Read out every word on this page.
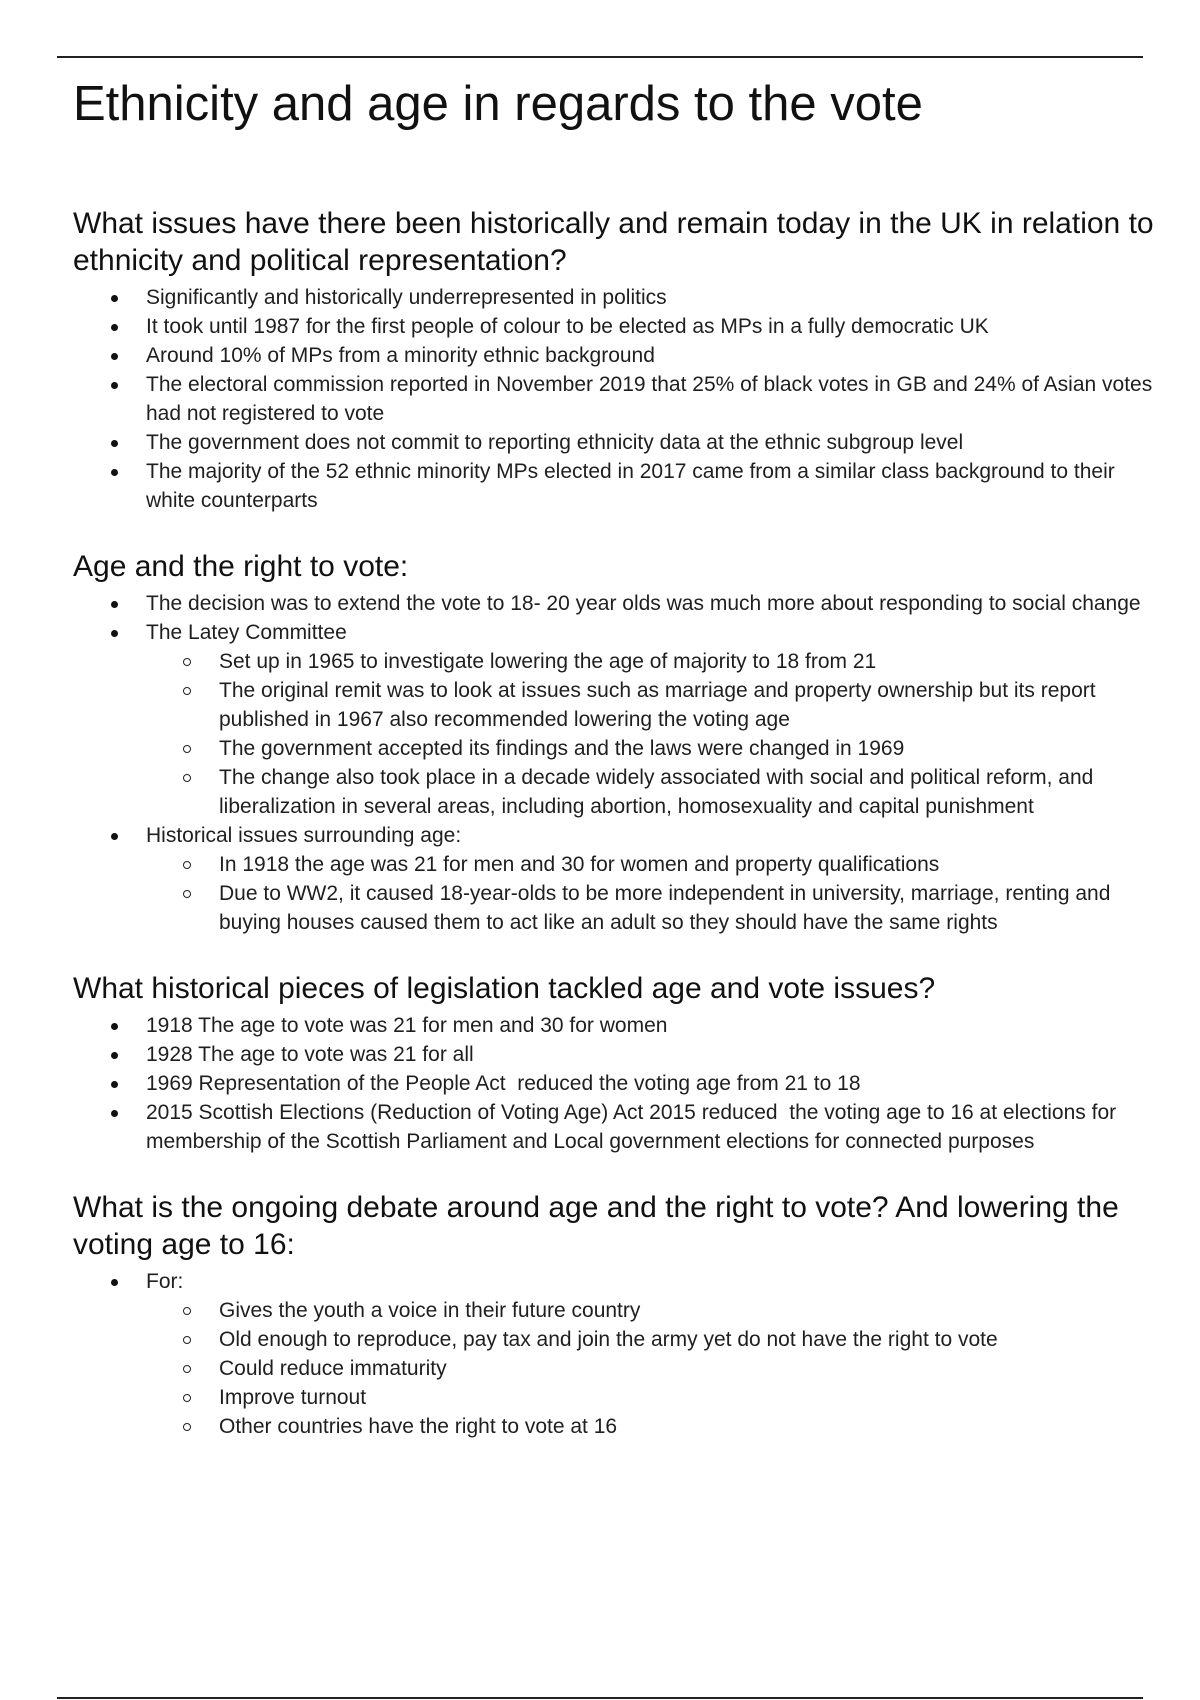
Ethnicity and age in regards to the vote
What issues have there been historically and remain today in the UK in relation to ethnicity and political representation?
Significantly and historically underrepresented in politics
It took until 1987 for the first people of colour to be elected as MPs in a fully democratic UK
Around 10% of MPs from a minority ethnic background
The electoral commission reported in November 2019 that 25% of black votes in GB and 24% of Asian votes had not registered to vote
The government does not commit to reporting ethnicity data at the ethnic subgroup level
The majority of the 52 ethnic minority MPs elected in 2017 came from a similar class background to their white counterparts
Age and the right to vote:
The decision was to extend the vote to 18- 20 year olds was much more about responding to social change
The Latey Committee
Set up in 1965 to investigate lowering the age of majority to 18 from 21
The original remit was to look at issues such as marriage and property ownership but its report published in 1967 also recommended lowering the voting age
The government accepted its findings and the laws were changed in 1969
The change also took place in a decade widely associated with social and political reform, and liberalization in several areas, including abortion, homosexuality and capital punishment
Historical issues surrounding age:
In 1918 the age was 21 for men and 30 for women and property qualifications
Due to WW2, it caused 18-year-olds to be more independent in university, marriage, renting and buying houses caused them to act like an adult so they should have the same rights
What historical pieces of legislation tackled age and vote issues?
1918 The age to vote was 21 for men and 30 for women
1928 The age to vote was 21 for all
1969 Representation of the People Act  reduced the voting age from 21 to 18
2015 Scottish Elections (Reduction of Voting Age) Act 2015 reduced  the voting age to 16 at elections for membership of the Scottish Parliament and Local government elections for connected purposes
What is the ongoing debate around age and the right to vote? And lowering the voting age to 16:
For:
Gives the youth a voice in their future country
Old enough to reproduce, pay tax and join the army yet do not have the right to vote
Could reduce immaturity
Improve turnout
Other countries have the right to vote at 16
